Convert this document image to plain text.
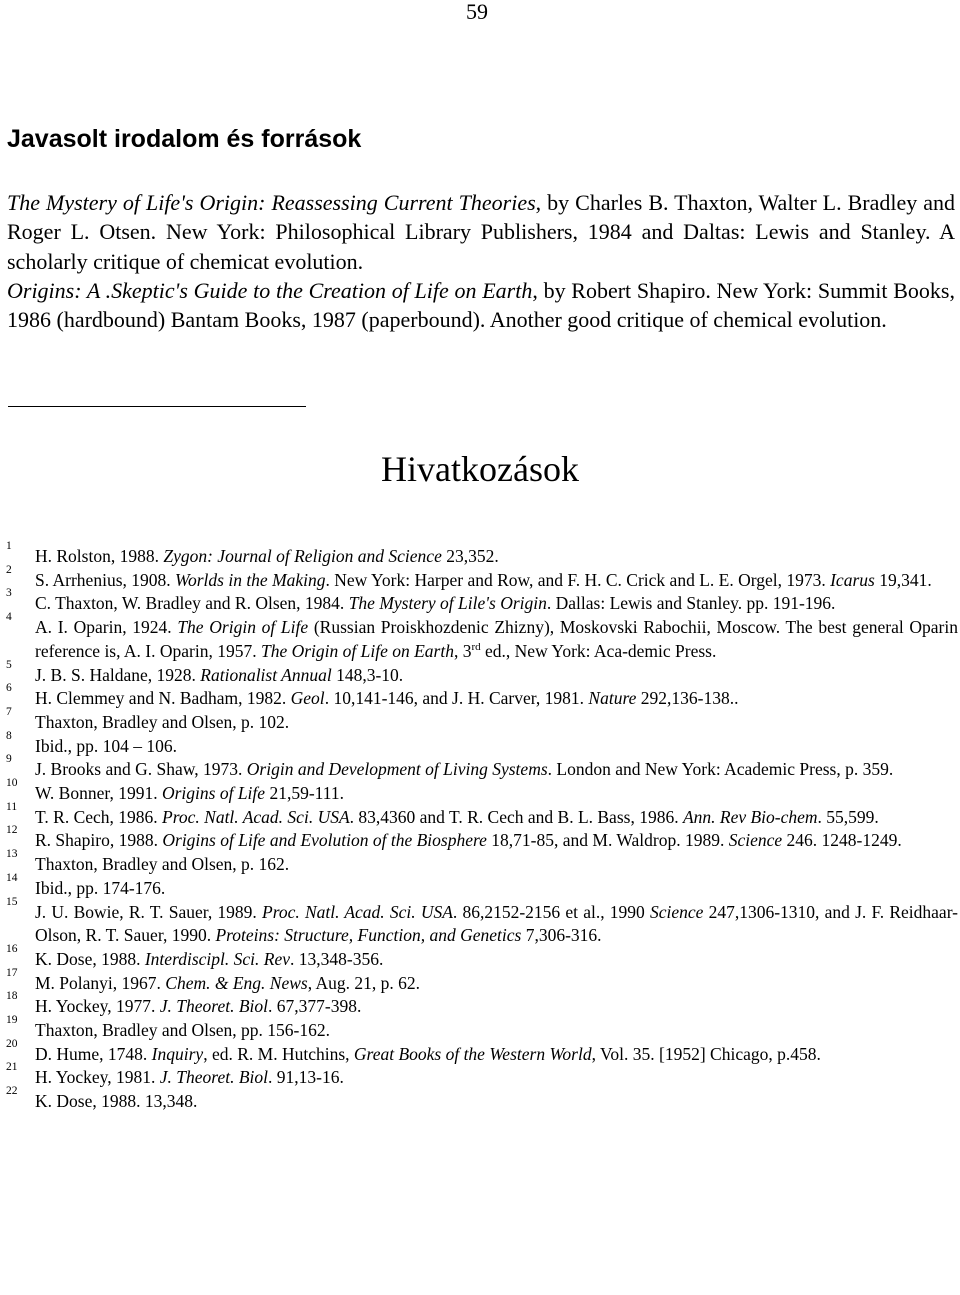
59
Javasolt irodalom és források

The Mystery of Life's Origin: Reassessing Current Theories, by Charles B. Thaxton, Walter L. Bradley and Roger L. Otsen. New York: Philosophical Library Publishers, 1984 and Daltas: Lewis and Stanley. A scholarly critique of chemicat evolution.

Origins: A .Skeptic's Guide to the Creation of Life on Earth, by Robert Shapiro. New York: Summit Books, 1986 (hardbound) Bantam Books, 1987 (paperbound). Another good critique of chemical evolution.

Hivatkozások
1 H. Rolston, 1988. Zygon: Journal of Religion and Science 23,352.
2 S. Arrhenius, 1908. Worlds in the Making. New York: Harper and Row, and F. H. C. Crick and L. E. Orgel, 1973. Icarus 19,341.
3 C. Thaxton, W. Bradley and R. Olsen, 1984. The Mystery of Lile's Origin. Dallas: Lewis and Stanley. pp. 191-196.
4 A. I. Oparin, 1924. The Origin of Life (Russian Proiskhozdenic Zhizny), Moskovski Rabochii, Moscow. The best general Oparin reference is, A. I. Oparin, 1957. The Origin of Life on Earth, 3rd ed., New York: Aca-demic Press.
5 J. B. S. Haldane, 1928. Rationalist Annual 148,3-10.
6 H. Clemmey and N. Badham, 1982. Geol. 10,141-146, and J. H. Carver, 1981. Nature 292,136-138..
7 Thaxton, Bradley and Olsen, p. 102.
8 Ibid., pp. 104 – 106.
9 J. Brooks and G. Shaw, 1973. Origin and Development of Living Systems. London and New York: Academic Press, p. 359.
10 W. Bonner, 1991. Origins of Life 21,59-111.
11 T. R. Cech, 1986. Proc. Natl. Acad. Sci. USA. 83,4360 and T. R. Cech and B. L. Bass, 1986. Ann. Rev Bio-chem. 55,599.
12 R. Shapiro, 1988. Origins of Life and Evolution of the Biosphere 18,71-85, and M. Waldrop. 1989. Science 246. 1248-1249.
13 Thaxton, Bradley and Olsen, p. 162.
14 Ibid., pp. 174-176.
15 J. U. Bowie, R. T. Sauer, 1989. Proc. Natl. Acad. Sci. USA. 86,2152-2156 et al., 1990 Science 247,1306-1310, and J. F. Reidhaar-Olson, R. T. Sauer, 1990. Proteins: Structure, Function, and Genetics 7,306-316.
16 K. Dose, 1988. Interdiscipl. Sci. Rev. 13,348-356.
17 M. Polanyi, 1967. Chem. & Eng. News, Aug. 21, p. 62.
18 H. Yockey, 1977. J. Theoret. Biol. 67,377-398.
19 Thaxton, Bradley and Olsen, pp. 156-162.
20 D. Hume, 1748. Inquiry, ed. R. M. Hutchins, Great Books of the Western World, Vol. 35. [1952] Chicago, p.458.
21 H. Yockey, 1981. J. Theoret. Biol. 91,13-16.
22 K. Dose, 1988. 13,348.
